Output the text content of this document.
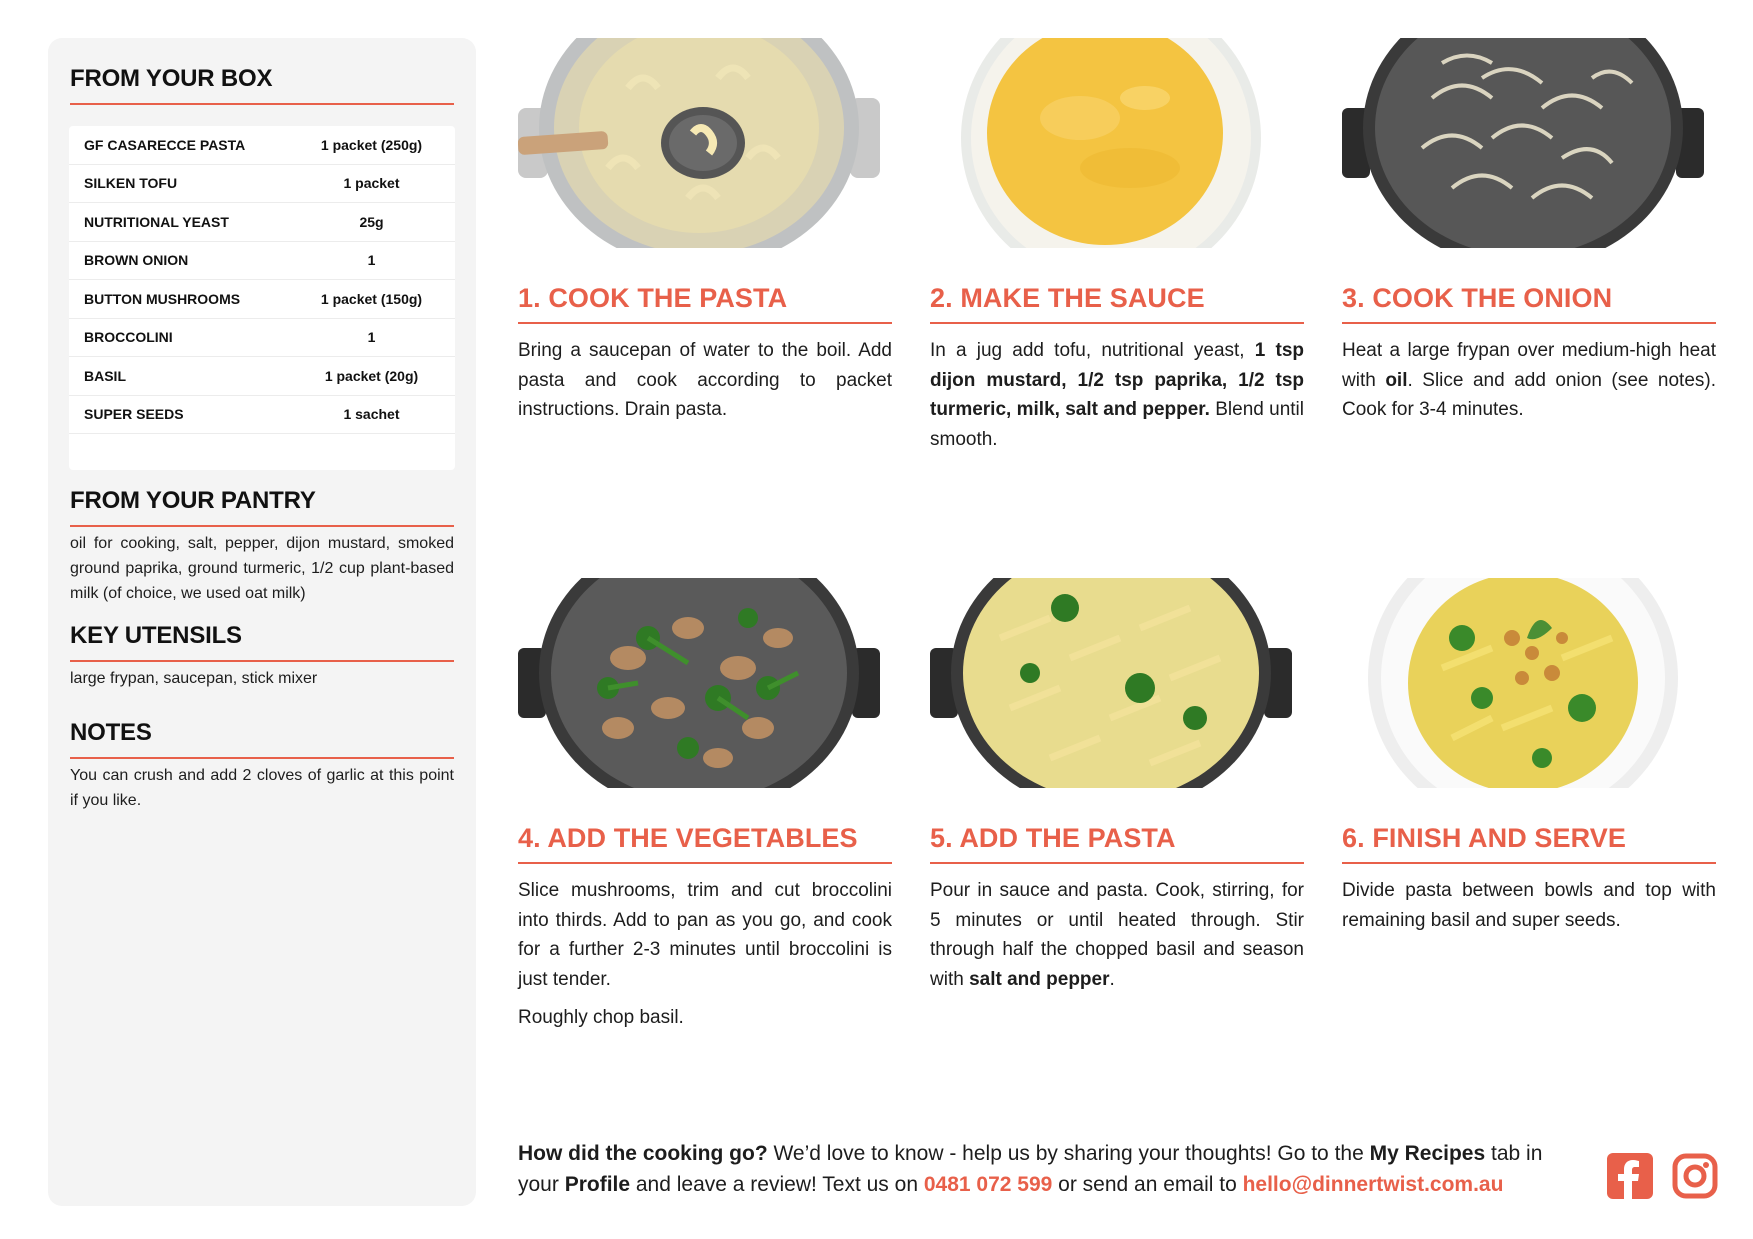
FROM YOUR BOX
GF CASARECCE PASTA	1 packet (250g)
SILKEN TOFU	1 packet
NUTRITIONAL YEAST	25g
BROWN ONION	1
BUTTON MUSHROOMS	1 packet (150g)
BROCCOLINI	1
BASIL	1 packet (20g)
SUPER SEEDS	1 sachet
FROM YOUR PANTRY
oil for cooking, salt, pepper, dijon mustard, smoked ground paprika, ground turmeric, 1/2 cup plant-based milk (of choice, we used oat milk)
KEY UTENSILS
large frypan, saucepan, stick mixer
NOTES
You can crush and add 2 cloves of garlic at this point if you like.
1. COOK THE PASTA

Bring a saucepan of water to the boil. Add pasta and cook according to packet instructions. Drain pasta.

2. MAKE THE SAUCE

In a jug add tofu, nutritional yeast, 1 tsp dijon mustard, 1/2 tsp paprika, 1/2 tsp turmeric, milk, salt and pepper. Blend until smooth.

3. COOK THE ONION

Heat a large frypan over medium-high heat with oil. Slice and add onion (see notes). Cook for 3-4 minutes.

4. ADD THE VEGETABLES

Slice mushrooms, trim and cut broccolini into thirds. Add to pan as you go, and cook for a further 2-3 minutes until broccolini is just tender.

Roughly chop basil.

5. ADD THE PASTA

Pour in sauce and pasta. Cook, stirring, for 5 minutes or until heated through. Stir through half the chopped basil and season with salt and pepper.

6. FINISH AND SERVE

Divide pasta between bowls and top with remaining basil and super seeds.

How did the cooking go? We’d love to know - help us by sharing your thoughts! Go to the My Recipes tab in your Profile and leave a review! Text us on 0481 072 599 or send an email to hello@dinnertwist.com.au
